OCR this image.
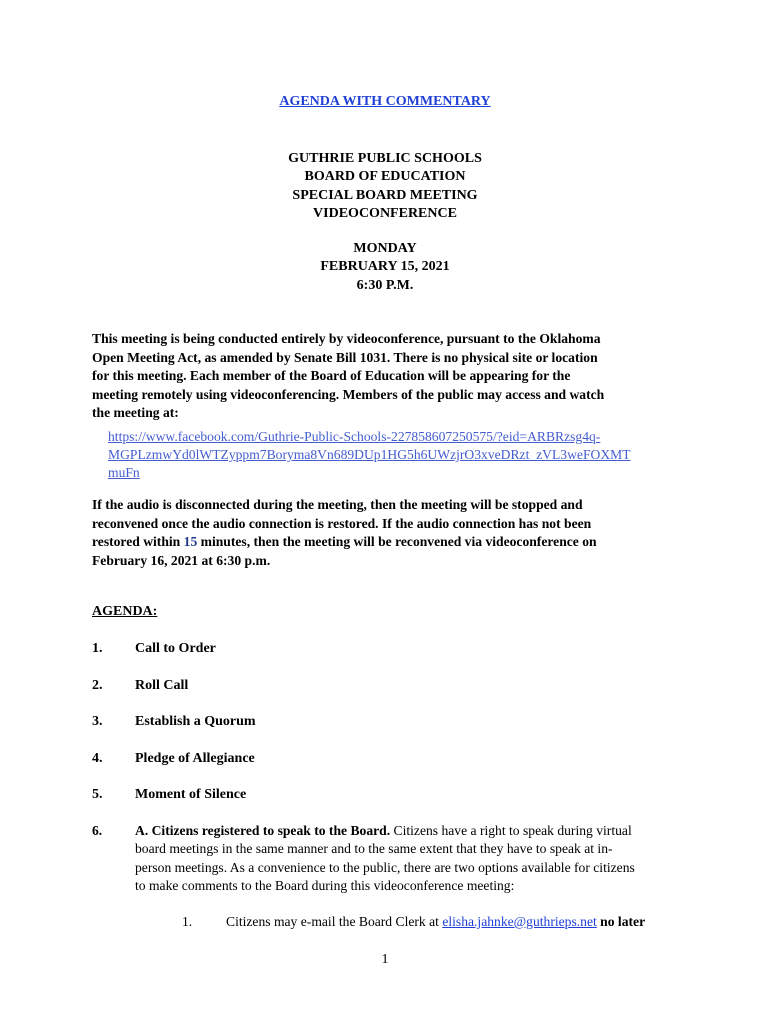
AGENDA WITH COMMENTARY
GUTHRIE PUBLIC SCHOOLS
BOARD OF EDUCATION
SPECIAL BOARD MEETING
VIDEOCONFERENCE
MONDAY
FEBRUARY 15, 2021
6:30 P.M.
This meeting is being conducted entirely by videoconference, pursuant to the Oklahoma
Open Meeting Act, as amended by Senate Bill 1031. There is no physical site or location
for this meeting. Each member of the Board of Education will be appearing for the
meeting remotely using videoconferencing. Members of the public may access and watch
the meeting at:
https://www.facebook.com/Guthrie-Public-Schools-227858607250575/?eid=ARBRzsg4q-
MGPLzmwYd0lWTZyppm7Boryma8Vn689DUp1HG5h6UWzjrO3xveDRzt_zVL3weFOXMT
muFn
If the audio is disconnected during the meeting, then the meeting will be stopped and
reconvened once the audio connection is restored. If the audio connection has not been
restored within 15 minutes, then the meeting will be reconvened via videoconference on
February 16, 2021 at 6:30 p.m.
AGENDA:
1. Call to Order
2. Roll Call
3. Establish a Quorum
4. Pledge of Allegiance
5. Moment of Silence
6. A. Citizens registered to speak to the Board. Citizens have a right to speak during virtual
board meetings in the same manner and to the same extent that they have to speak at in-
person meetings. As a convenience to the public, there are two options available for citizens
to make comments to the Board during this videoconference meeting:
1. Citizens may e-mail the Board Clerk at elisha.jahnke@guthrieps.net no later
1
